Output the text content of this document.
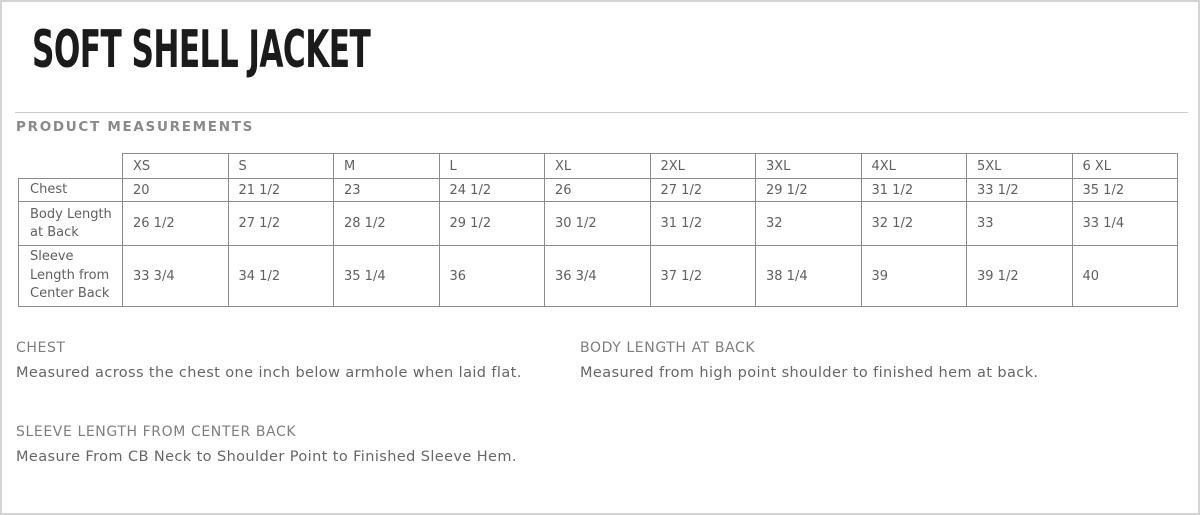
SOFT SHELL JACKET
PRODUCT MEASUREMENTS
	XS	S	M	L	XL	2XL	3XL	4XL	5XL	6 XL
Chest	20	21 1/2	23	24 1/2	26	27 1/2	29 1/2	31 1/2	33 1/2	35 1/2
Body Length at Back	26 1/2	27 1/2	28 1/2	29 1/2	30 1/2	31 1/2	32	32 1/2	33	33 1/4
Sleeve Length from Center Back	33 3/4	34 1/2	35 1/4	36	36 3/4	37 1/2	38 1/4	39	39 1/2	40
CHEST
Measured across the chest one inch below armhole when laid flat.
BODY LENGTH AT BACK
Measured from high point shoulder to finished hem at back.
SLEEVE LENGTH FROM CENTER BACK
Measure From CB Neck to Shoulder Point to Finished Sleeve Hem.
